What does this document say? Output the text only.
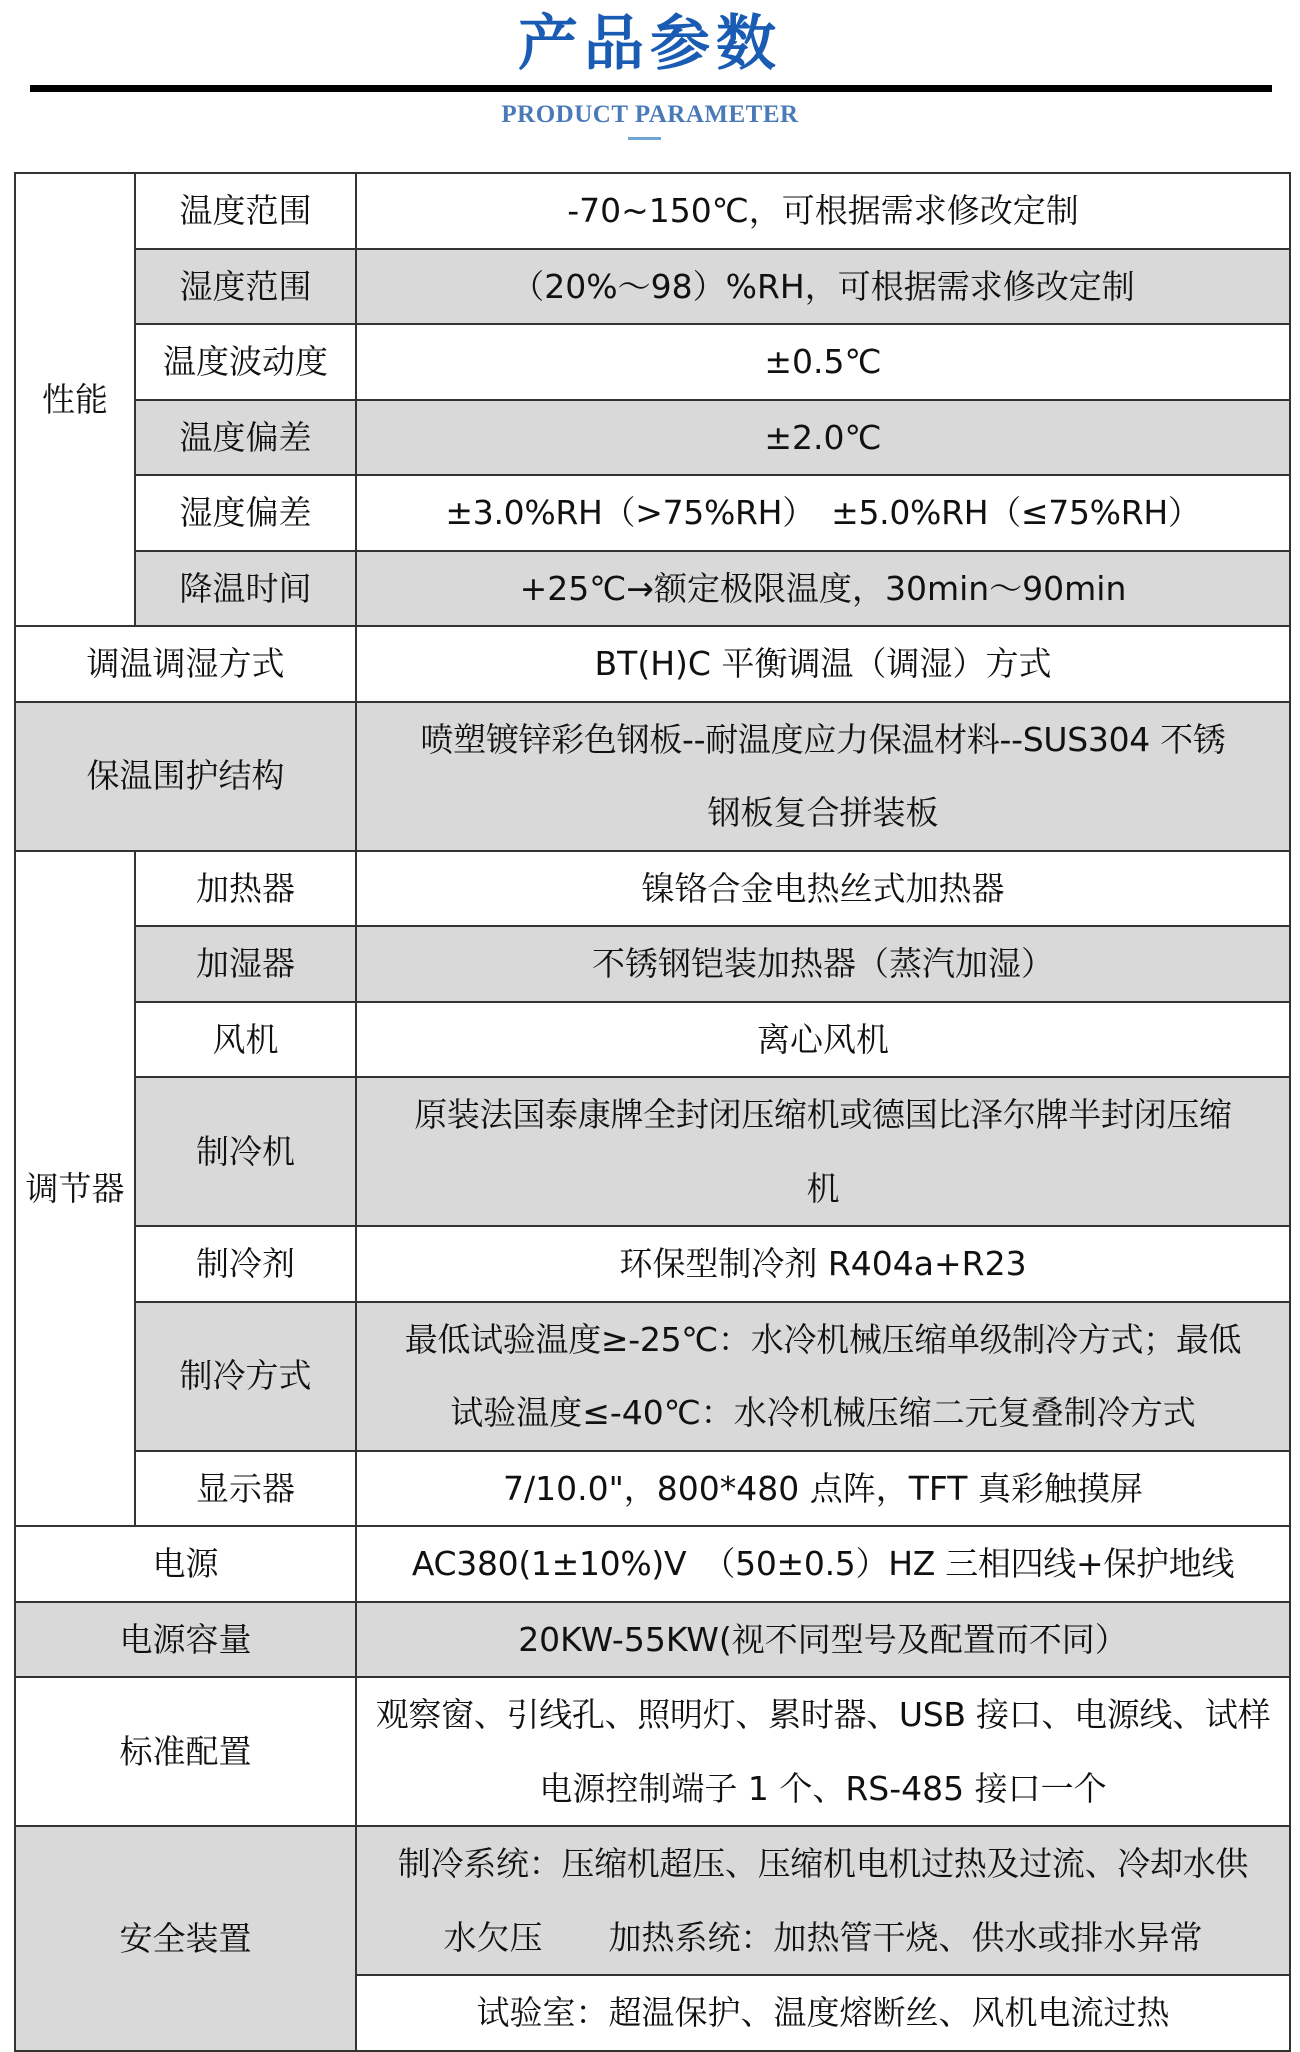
产品参数
PRODUCT PARAMETER
性能	温度范围	-70~150℃，可根据需求修改定制
	湿度范围	（20%～98）%RH，可根据需求修改定制
	温度波动度	±0.5℃
	温度偏差	±2.0℃
	湿度偏差	±3.0%RH（>75%RH）　±5.0%RH（≤75%RH）
	降温时间	+25℃→额定极限温度，30min～90min
调温调湿方式		BT(H)C 平衡调温（调湿）方式
保温围护结构		喷塑镀锌彩色钢板--耐温度应力保温材料--SUS304 不锈
		钢板复合拼装板
调节器	加热器	镍铬合金电热丝式加热器
	加湿器	不锈钢铠装加热器（蒸汽加湿）
	风机	离心风机
	制冷机	原装法国泰康牌全封闭压缩机或德国比泽尔牌半封闭压缩
		机
	制冷剂	环保型制冷剂 R404a+R23
	制冷方式	最低试验温度≥-25℃：水冷机械压缩单级制冷方式；最低
		试验温度≤-40℃：水冷机械压缩二元复叠制冷方式
	显示器	7/10.0"，800*480 点阵，TFT 真彩触摸屏
电源		AC380(1±10%)V　（50±0.5）HZ 三相四线+保护地线
电源容量		20KW-55KW(视不同型号及配置而不同）
标准配置		观察窗、引线孔、照明灯、累时器、USB 接口、电源线、试样
		电源控制端子 1 个、RS-485 接口一个
安全装置		制冷系统：压缩机超压、压缩机电机过热及过流、冷却水供
		水欠压　　加热系统：加热管干烧、供水或排水异常
		试验室：超温保护、温度熔断丝、风机电流过热
